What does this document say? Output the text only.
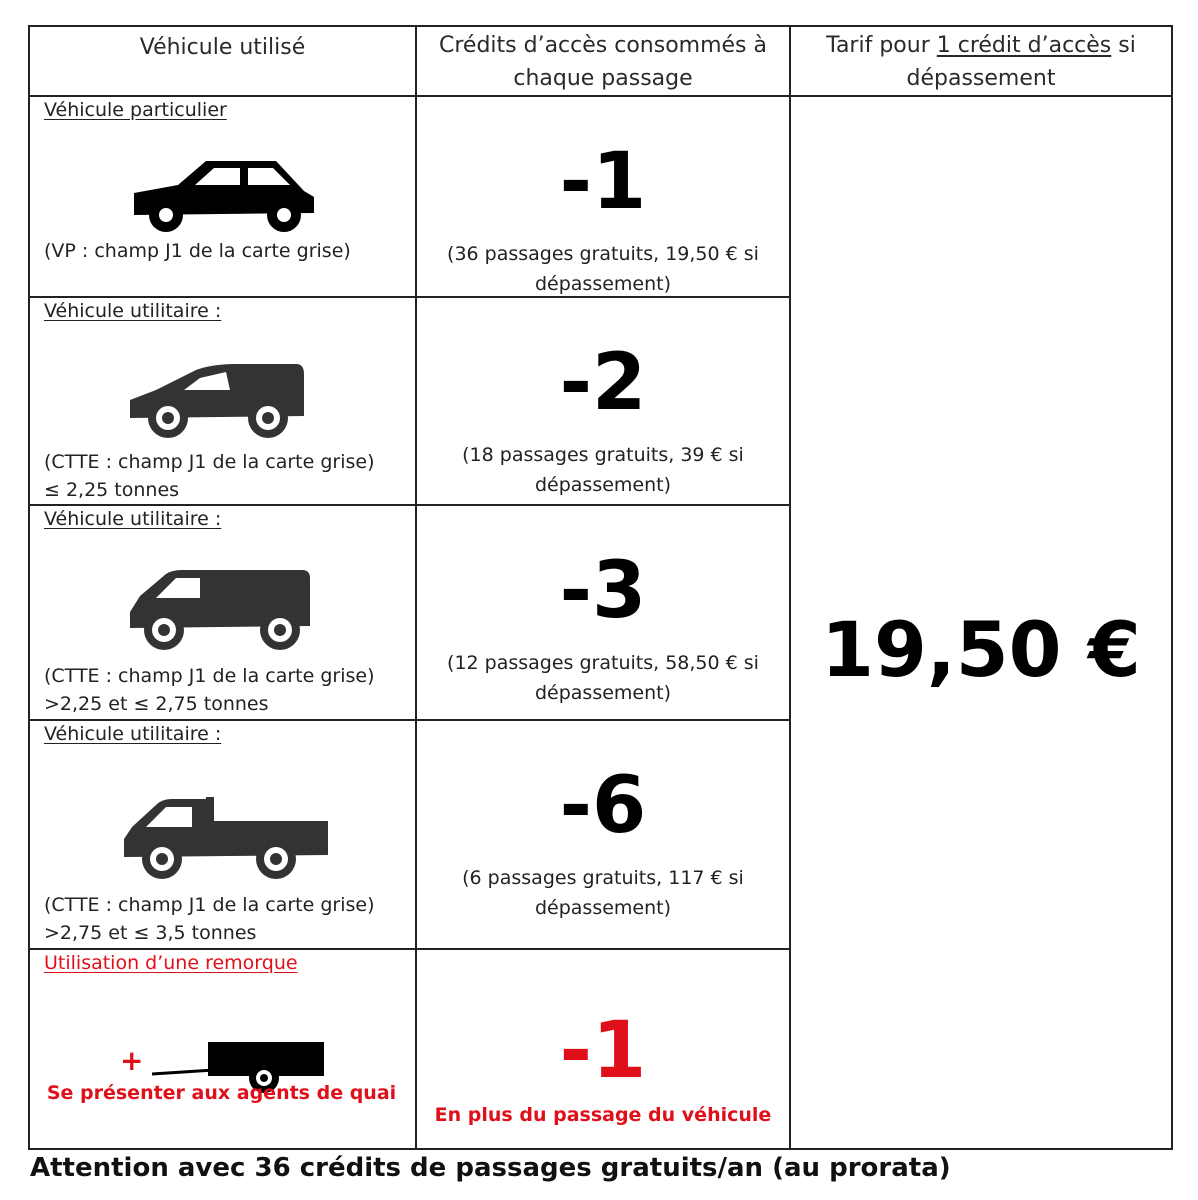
Véhicule utilisé	Crédits d’accès consommés à chaque passage
Tarif pour 1 crédit d’accès si dépassement
Véhicule particulier
(VP : champ J1 de la carte grise)
-1
(36 passages gratuits, 19,50 € si dépassement)
Véhicule utilitaire :
(CTTE : champ J1 de la carte grise)
≤ 2,25 tonnes
-2
(18 passages gratuits, 39 € si dépassement)
Véhicule utilitaire :
(CTTE : champ J1 de la carte grise)
>2,25 et ≤ 2,75 tonnes
-3
(12 passages gratuits, 58,50 € si dépassement)
Véhicule utilitaire :
(CTTE : champ J1 de la carte grise)
>2,75 et ≤ 3,5 tonnes
-6
(6 passages gratuits, 117 € si dépassement)
Utilisation d’une remorque
+
Se présenter aux agents de quai	-1
En plus du passage du véhicule
19,50 €
Attention avec 36 crédits de passages gratuits/an (au prorata)
